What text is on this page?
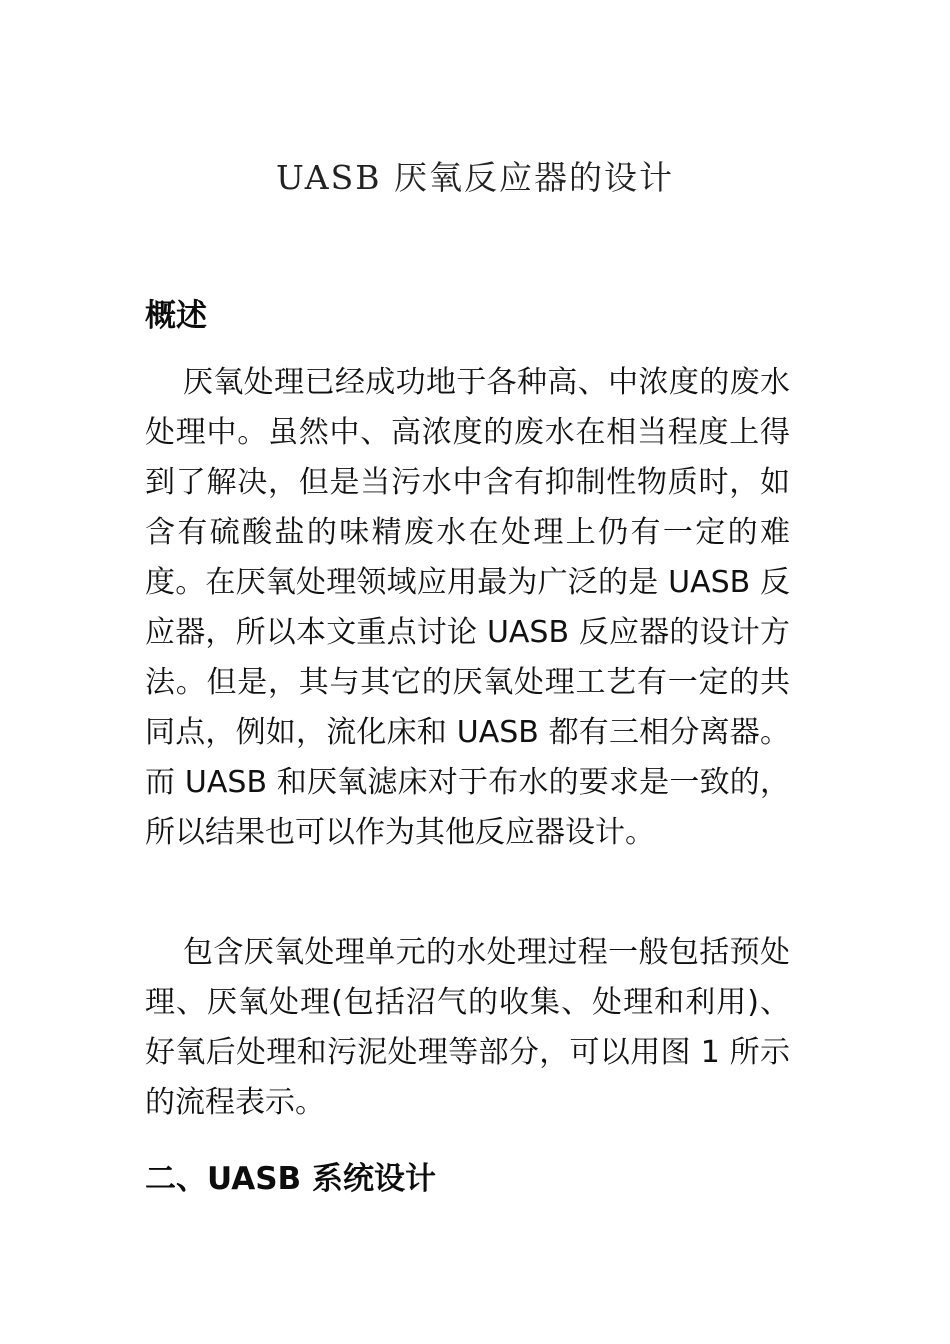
UASB 厌氧反应器的设计
概述

厌氧处理已经成功地于各种高、中浓度的废水处理中。虽然中、高浓度的废水在相当程度上得到了解决，但是当污水中含有抑制性物质时，如含有硫酸盐的味精废水在处理上仍有一定的难度。在厌氧处理领域应用最为广泛的是 UASB 反应器，所以本文重点讨论 UASB 反应器的设计方法。但是，其与其它的厌氧处理工艺有一定的共同点，例如，流化床和 UASB 都有三相分离器。而 UASB 和厌氧滤床对于布水的要求是一致的，所以结果也可以作为其他反应器设计。

包含厌氧处理单元的水处理过程一般包括预处理、厌氧处理(包括沼气的收集、处理和利用)、好氧后处理和污泥处理等部分，可以用图 1 所示的流程表示。

二、UASB 系统设计
